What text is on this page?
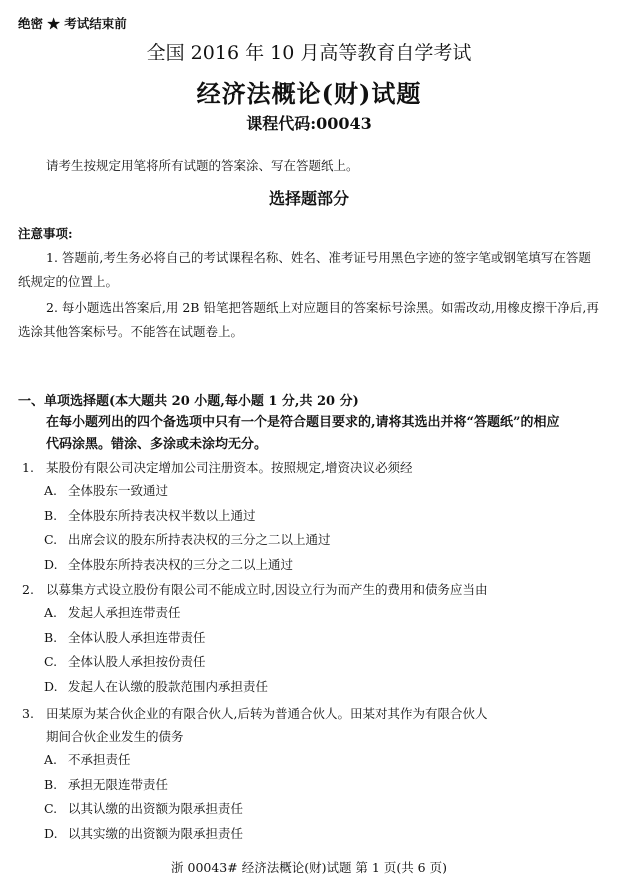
绝密 ★ 考试结束前
全国 2016 年 10 月高等教育自学考试
经济法概论(财)试题
课程代码:00043
请考生按规定用笔将所有试题的答案涂、写在答题纸上。
选择题部分
注意事项:
1. 答题前,考生务必将自己的考试课程名称、姓名、准考证号用黑色字迹的签字笔或钢笔填写在答题纸规定的位置上。
2. 每小题选出答案后,用 2B 铅笔把答题纸上对应题目的答案标号涂黑。如需改动,用橡皮擦干净后,再选涂其他答案标号。不能答在试题卷上。
一、单项选择题(本大题共 20 小题,每小题 1 分,共 20 分)
在每小题列出的四个备选项中只有一个是符合题目要求的,请将其选出并将“答题纸”的相应代码涂黑。错涂、多涂或未涂均无分。
1. 某股份有限公司决定增加公司注册资本。按照规定,增资决议必须经
A. 全体股东一致通过
B. 全体股东所持表决权半数以上通过
C. 出席会议的股东所持表决权的三分之二以上通过
D. 全体股东所持表决权的三分之二以上通过
2. 以募集方式设立股份有限公司不能成立时,因设立行为而产生的费用和债务应当由
A. 发起人承担连带责任
B. 全体认股人承担连带责任
C. 全体认股人承担按份责任
D. 发起人在认缴的股款范围内承担责任
3. 田某原为某合伙企业的有限合伙人,后转为普通合伙人。田某对其作为有限合伙人
期间合伙企业发生的债务
A. 不承担责任
B. 承担无限连带责任
C. 以其认缴的出资额为限承担责任
D. 以其实缴的出资额为限承担责任
浙 00043# 经济法概论(财)试题 第 1 页(共 6 页)
